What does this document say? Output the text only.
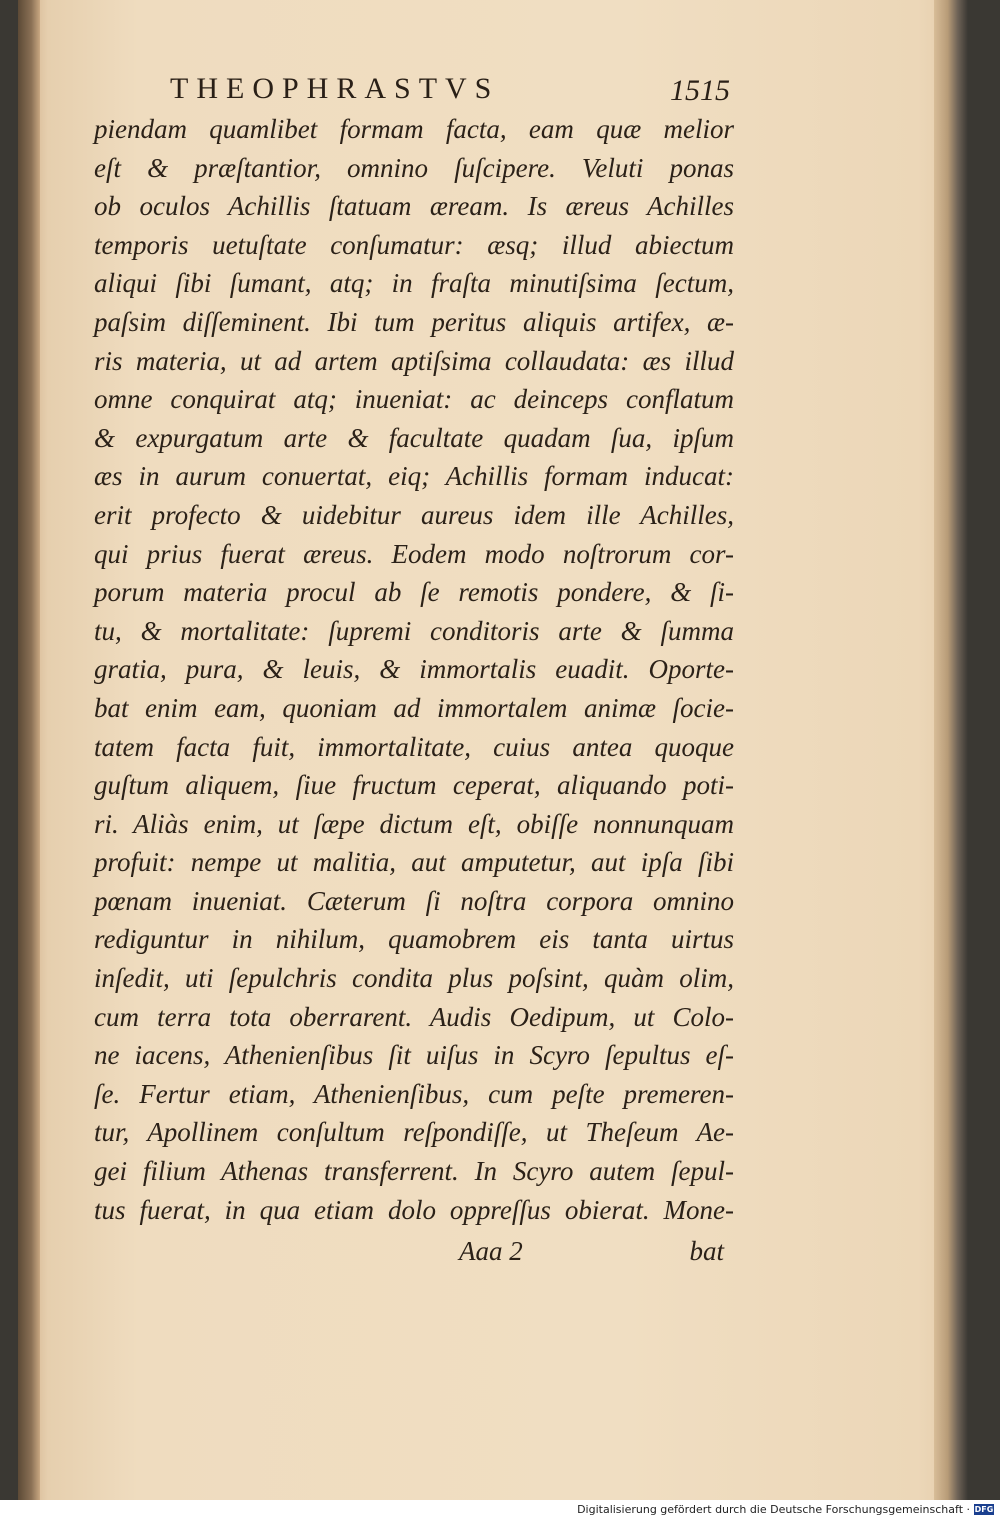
THEOPHRASTVS	1515
piendam quamlibet formam facta, eam quæ melior
eſt & præſtantior, omnino ſuſcipere. Veluti ponas
ob oculos Achillis ſtatuam æream. Is æreus Achilles
temporis uetuſtate conſumatur: æsq; illud abiectum
aliqui ſibi ſumant, atq; in fraſta minutiſsima ſectum,
paſsim diſſeminent. Ibi tum peritus aliquis artifex, æ-
ris materia, ut ad artem aptiſsima collaudata: æs illud
omne conquirat atq; inueniat: ac deinceps conflatum
& expurgatum arte & facultate quadam ſua, ipſum
æs in aurum conuertat, eiq; Achillis formam inducat:
erit profecto & uidebitur aureus idem ille Achilles,
qui prius fuerat æreus. Eodem modo noſtrorum cor-
porum materia procul ab ſe remotis pondere, & ſi-
tu, & mortalitate: ſupremi conditoris arte & ſumma
gratia, pura, & leuis, & immortalis euadit. Oporte-
bat enim eam, quoniam ad immortalem animæ ſocie-
tatem facta fuit, immortalitate, cuius antea quoque
guſtum aliquem, ſiue fructum ceperat, aliquando poti-
ri. Aliàs enim, ut ſæpe dictum eſt, obiſſe nonnunquam
profuit: nempe ut malitia, aut amputetur, aut ipſa ſibi
pœnam inueniat. Cæterum ſi noſtra corpora omnino
rediguntur in nihilum, quamobrem eis tanta uirtus
inſedit, uti ſepulchris condita plus poſsint, quàm olim,
cum terra tota oberrarent. Audis Oedipum, ut Colo-
ne iacens, Athenienſibus ſit uiſus in Scyro ſepultus eſ-
ſe. Fertur etiam, Athenienſibus, cum peſte premeren-
tur, Apollinem conſultum reſpondiſſe, ut Theſeum Ae-
gei filium Athenas transferrent. In Scyro autem ſepul-
tus fuerat, in qua etiam dolo oppreſſus obierat. Mone-
Aaa 2	bat
Digitalisierung gefördert durch die Deutsche Forschungsgemeinschaft · DFG
